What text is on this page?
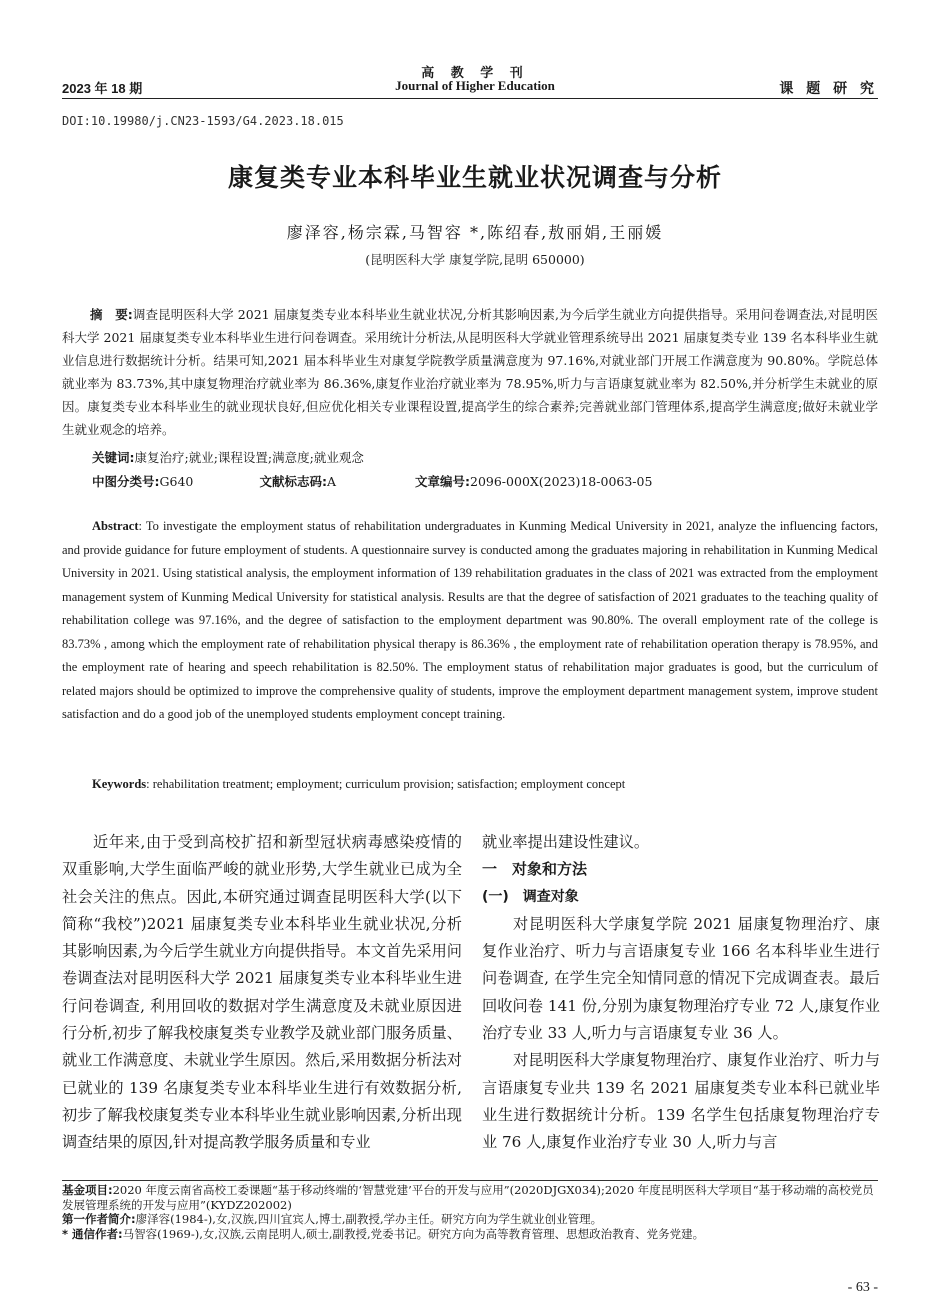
高 教 学 刊
Journal of Higher Education
2023 年 18 期	课 题 研 究
DOI:10.19980/j.CN23-1593/G4.2023.18.015
康复类专业本科毕业生就业状况调查与分析
廖泽容,杨宗霖,马智容 *,陈绍春,敖丽娟,王丽媛
(昆明医科大学 康复学院,昆明 650000)
摘　要:调查昆明医科大学 2021 届康复类专业本科毕业生就业状况,分析其影响因素,为今后学生就业方向提供指导。采用问卷调查法,对昆明医科大学 2021 届康复类专业本科毕业生进行问卷调查。采用统计分析法,从昆明医科大学就业管理系统导出 2021 届康复类专业 139 名本科毕业生就业信息进行数据统计分析。结果可知,2021 届本科毕业生对康复学院教学质量满意度为 97.16%,对就业部门开展工作满意度为 90.80%。学院总体就业率为 83.73%,其中康复物理治疗就业率为 86.36%,康复作业治疗就业率为 78.95%,听力与言语康复就业率为 82.50%,并分析学生未就业的原因。康复类专业本科毕业生的就业现状良好,但应优化相关专业课程设置,提高学生的综合素养;完善就业部门管理体系,提高学生满意度;做好未就业学生就业观念的培养。
关键词:康复治疗;就业;课程设置;满意度;就业观念
中图分类号:G640	文献标志码:A	文章编号:2096-000X(2023)18-0063-05
Abstract: To investigate the employment status of rehabilitation undergraduates in Kunming Medical University in 2021, analyze the influencing factors, and provide guidance for future employment of students. A questionnaire survey is conducted among the graduates majoring in rehabilitation in Kunming Medical University in 2021. Using statistical analysis, the employment information of 139 rehabilitation graduates in the class of 2021 was extracted from the employment management system of Kunming Medical University for statistical analysis. Results are that the degree of satisfaction of 2021 graduates to the teaching quality of rehabilitation college was 97.16%, and the degree of satisfaction to the employment department was 90.80%. The overall employment rate of the college is 83.73% , among which the employment rate of rehabilitation physical therapy is 86.36% , the employment rate of rehabilitation operation therapy is 78.95%, and the employment rate of hearing and speech rehabilitation is 82.50%. The employment status of rehabilitation major graduates is good, but the curriculum of related majors should be optimized to improve the comprehensive quality of students, improve the employment department management system, improve student satisfaction and do a good job of the unemployed students employment concept training.
Keywords: rehabilitation treatment; employment; curriculum provision; satisfaction; employment concept
近年来,由于受到高校扩招和新型冠状病毒感染疫情的双重影响,大学生面临严峻的就业形势,大学生就业已成为全社会关注的焦点。因此,本研究通过调查昆明医科大学(以下简称“我校”)2021 届康复类专业本科毕业生就业状况,分析其影响因素,为今后学生就业方向提供指导。本文首先采用问卷调查法对昆明医科大学 2021 届康复类专业本科毕业生进行问卷调查, 利用回收的数据对学生满意度及未就业原因进行分析,初步了解我校康复类专业教学及就业部门服务质量、就业工作满意度、未就业学生原因。然后,采用数据分析法对已就业的 139 名康复类专业本科毕业生进行有效数据分析,初步了解我校康复类专业本科毕业生就业影响因素,分析出现调查结果的原因,针对提高教学服务质量和专业
就业率提出建设性建议。
一　对象和方法
(一)　调查对象
对昆明医科大学康复学院 2021 届康复物理治疗、康复作业治疗、听力与言语康复专业 166 名本科毕业生进行问卷调查, 在学生完全知情同意的情况下完成调查表。最后回收问卷 141 份,分别为康复物理治疗专业 72 人,康复作业治疗专业 33 人,听力与言语康复专业 36 人。
对昆明医科大学康复物理治疗、康复作业治疗、听力与言语康复专业共 139 名 2021 届康复类专业本科已就业毕业生进行数据统计分析。139 名学生包括康复物理治疗专业 76 人,康复作业治疗专业 30 人,听力与言
基金项目:2020 年度云南省高校工委课题“基于移动终端的‘智慧党建’平台的开发与应用”(2020DJGX034);2020 年度昆明医科大学项目“基于移动端的高校党员发展管理系统的开发与应用”(KYDZ202002)
第一作者简介:廖泽容(1984-),女,汉族,四川宜宾人,博士,副教授,学办主任。研究方向为学生就业创业管理。
* 通信作者:马智容(1969-),女,汉族,云南昆明人,硕士,副教授,党委书记。研究方向为高等教育管理、思想政治教育、党务党建。
- 63 -
